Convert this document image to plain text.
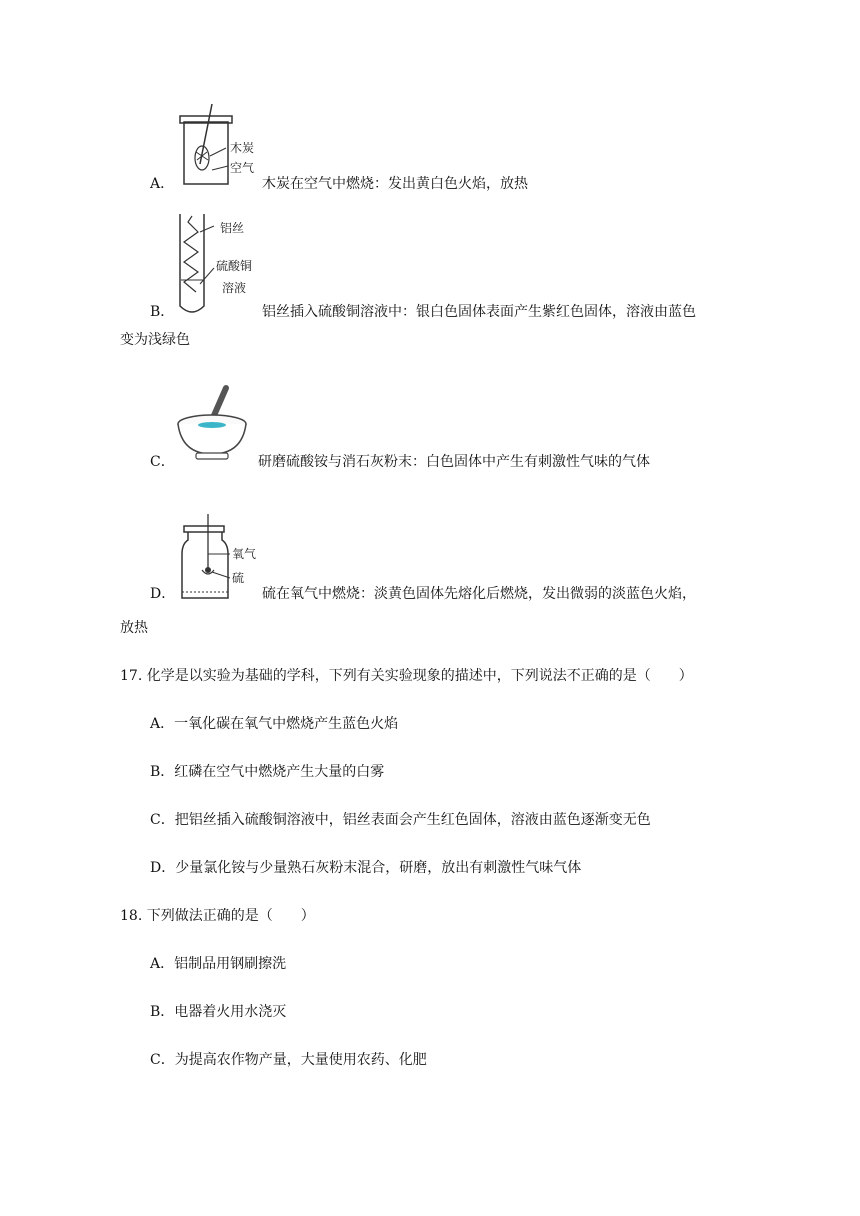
木炭
空气
A．	木炭在空气中燃烧：发出黄白色火焰，放热
铝丝
硫酸铜
溶液
B．	铝丝插入硫酸铜溶液中：银白色固体表面产生紫红色固体，溶液由蓝色
变为浅绿色
C．	研磨硫酸铵与消石灰粉末：白色固体中产生有刺激性气味的气体
氧气
硫
D．	硫在氧气中燃烧：淡黄色固体先熔化后燃烧，发出微弱的淡蓝色火焰，
放热
17. 化学是以实验为基础的学科，下列有关实验现象的描述中，下列说法不正确的是（　　）
A．一氧化碳在氧气中燃烧产生蓝色火焰
B．红磷在空气中燃烧产生大量的白雾
C．把铝丝插入硫酸铜溶液中，铝丝表面会产生红色固体，溶液由蓝色逐渐变无色
D．少量氯化铵与少量熟石灰粉末混合，研磨，放出有刺激性气味气体
18. 下列做法正确的是（　　）
A．铝制品用钢刷擦洗
B．电器着火用水浇灭
C．为提高农作物产量，大量使用农药、化肥
